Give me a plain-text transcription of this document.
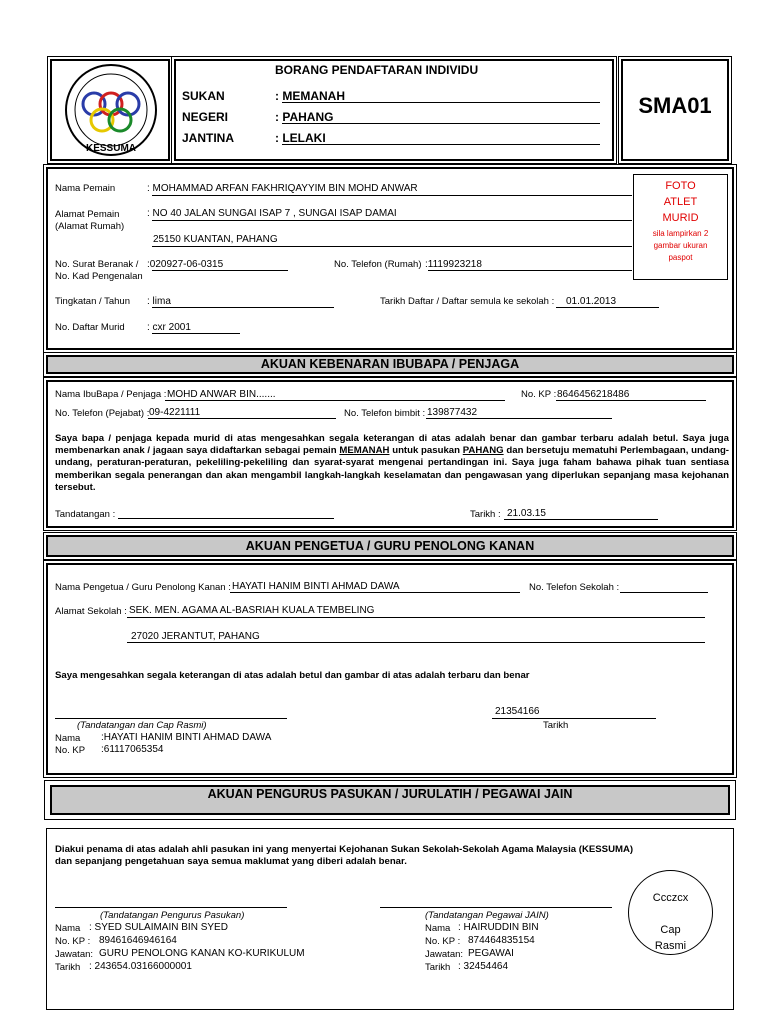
KESSUMA
BORANG PENDAFTARAN INDIVIDU
SUKAN	: MEMANAH
NEGERI	: PAHANG
JANTINA	: LELAKI
SMA01
Nama Pemain	: MOHAMMAD ARFAN FAKHRIQAYYIM BIN MOHD ANWAR
Alamat Pemain
(Alamat Rumah)
: NO 40 JALAN SUNGAI ISAP 7 , SUNGAI ISAP DAMAI
25150 KUANTAN, PAHANG
No. Surat Beranak /
No. Kad Pengenalan
:020927-06-0315	No. Telefon (Rumah) :1119923218
Tingkatan / Tahun : lima	Tarikh Daftar / Daftar semula ke sekolah : 01.01.2013
No. Daftar Murid : cxr 2001
FOTO
ATLET
MURID
sila lampirkan 2
gambar ukuran
paspot
AKUAN KEBENARAN IBUBAPA / PENJAGA
Nama IbuBapa / Penjaga : MOHD ANWAR BIN.......	No. KP : 8646456218486
No. Telefon (Pejabat) : 09-4221111	No. Telefon bimbit : 139877432
Saya bapa / penjaga kepada murid di atas mengesahkan segala keterangan di atas adalah benar dan gambar terbaru adalah betul. Saya juga membenarkan anak / jagaan saya didaftarkan sebagai pemain MEMANAH untuk pasukan PAHANG dan bersetuju mematuhi Perlembagaan, undang-undang, peraturan-peraturan, pekeliling-pekeliling dan syarat-syarat mengenai pertandingan ini. Saya juga faham bahawa pihak tuan sentiasa memberikan segala penerangan dan akan mengambil langkah-langkah keselamatan dan pengawasan yang diperlukan sepanjang masa kejohanan tersebut.
Tandatangan :	Tarikh : 21.03.15
AKUAN PENGETUA / GURU PENOLONG KANAN
Nama Pengetua / Guru Penolong Kanan : HAYATI HANIM BINTI AHMAD DAWA	No. Telefon Sekolah :
Alamat Sekolah : SEK. MEN. AGAMA AL-BASRIAH KUALA TEMBELING
27020 JERANTUT, PAHANG
Saya mengesahkan segala keterangan di atas adalah betul dan gambar di atas adalah terbaru dan benar
(Tandatangan dan Cap Rasmi)
21354166
Tarikh
Nama :HAYATI HANIM BINTI AHMAD DAWA
No. KP :61117065354
AKUAN PENGURUS PASUKAN / JURULATIH / PEGAWAI JAIN
Diakui penama di atas adalah ahli pasukan ini yang menyertai Kejohanan Sukan Sekolah-Sekolah Agama Malaysia (KESSUMA)
dan sepanjang pengetahuan saya semua maklumat yang diberi adalah benar.
(Tandatangan Pengurus Pasukan)
Nama : SYED SULAIMAIN BIN SYED
No. KP : 89461646946164
Jawatan: GURU PENOLONG KANAN KO-KURIKULUM
Tarikh : 243654.03166000001
(Tandatangan Pegawai JAIN)
Nama : HAIRUDDIN BIN
No. KP : 874464835154
Jawatan: PEGAWAI
Tarikh : 32454464
Ccczcx
Cap
Rasmi
